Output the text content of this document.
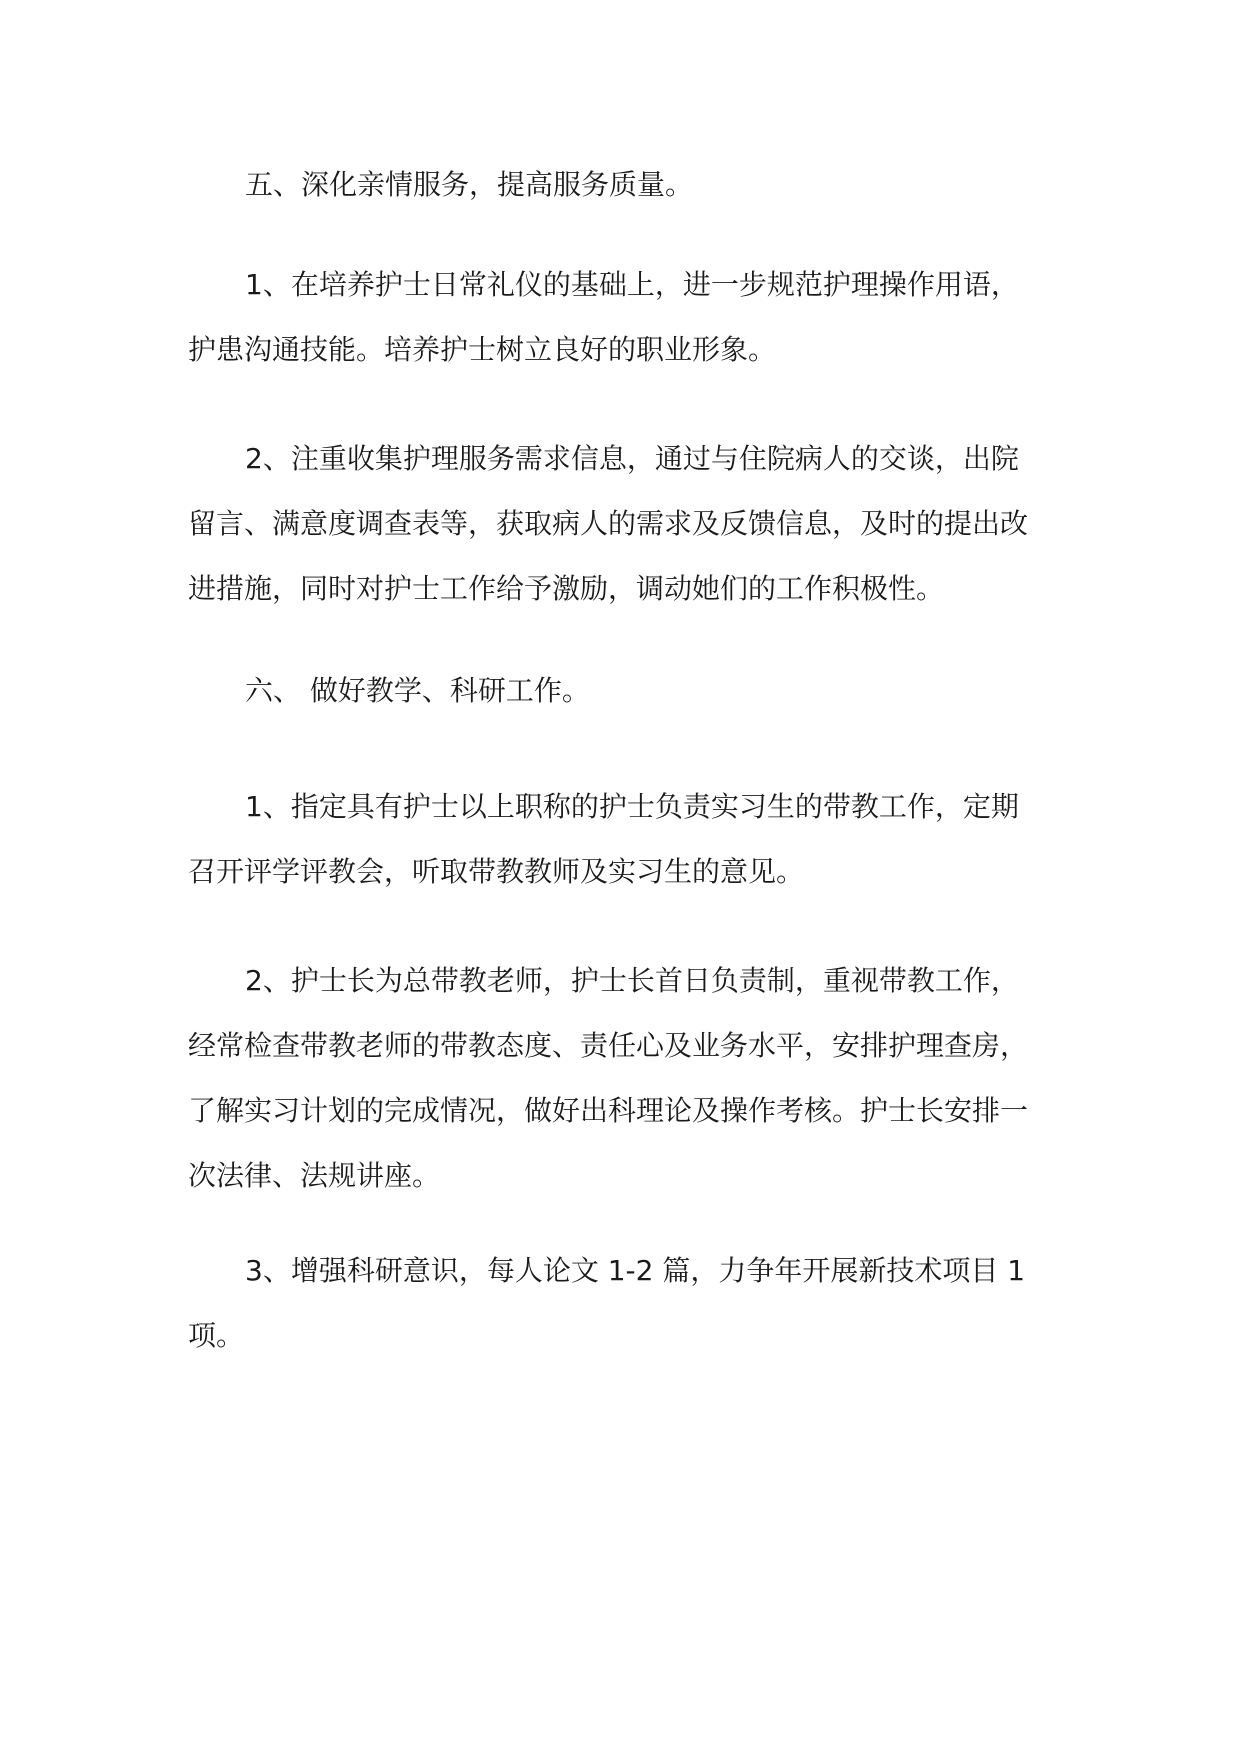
五、深化亲情服务，提高服务质量。

1、在培养护士日常礼仪的基础上，进一步规范护理操作用语，
护患沟通技能。培养护士树立良好的职业形象。

2、注重收集护理服务需求信息，通过与住院病人的交谈，出院
留言、满意度调查表等，获取病人的需求及反馈信息，及时的提出改
进措施，同时对护士工作给予激励，调动她们的工作积极性。

六、 做好教学、科研工作。

1、指定具有护士以上职称的护士负责实习生的带教工作，定期
召开评学评教会，听取带教教师及实习生的意见。

2、护士长为总带教老师，护士长首日负责制，重视带教工作，
经常检查带教老师的带教态度、责任心及业务水平，安排护理查房，
了解实习计划的完成情况，做好出科理论及操作考核。护士长安排一
次法律、法规讲座。

3、增强科研意识，每人论文 1-2 篇，力争年开展新技术项目 1
项。
